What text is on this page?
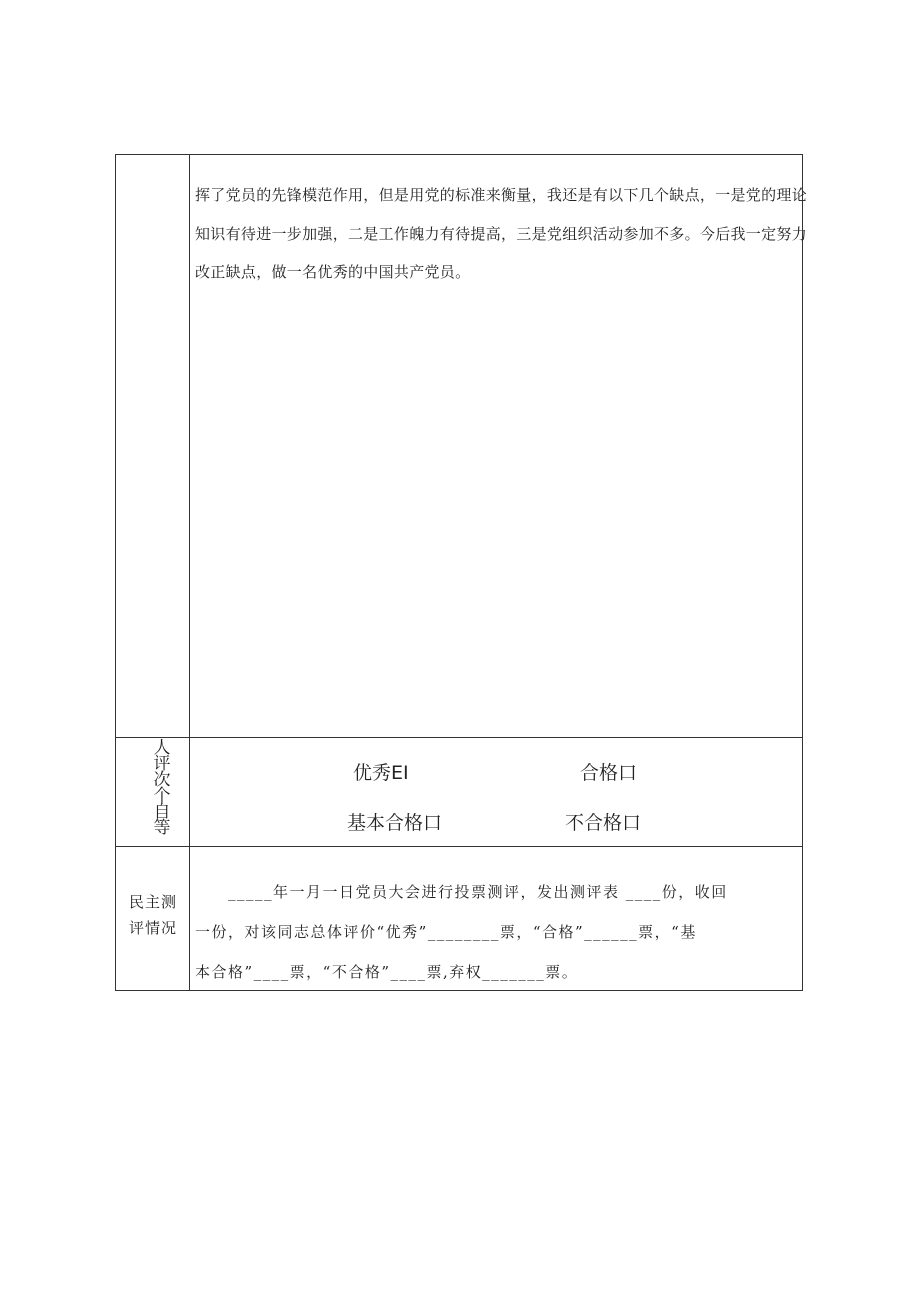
挥了党员的先锋模范作用，但是用党的标准来衡量，我还是有以下几个缺点，一是党的理论
知识有待进一步加强，二是工作魄力有待提高，三是党组织活动参加不多。今后我一定努力
改正缺点，做一名优秀的中国共产党员。
人
评
次
个
自
等
优秀EI	合格口
基本合格口	不合格口
民主测
评情况
　　_____年一月一日党员大会进行投票测评，发出测评表 ____份，收回
一份，对该同志总体评价“优秀”________票，“合格”______票，“基
本合格”____票，“不合格”____票,弃权_______票。
